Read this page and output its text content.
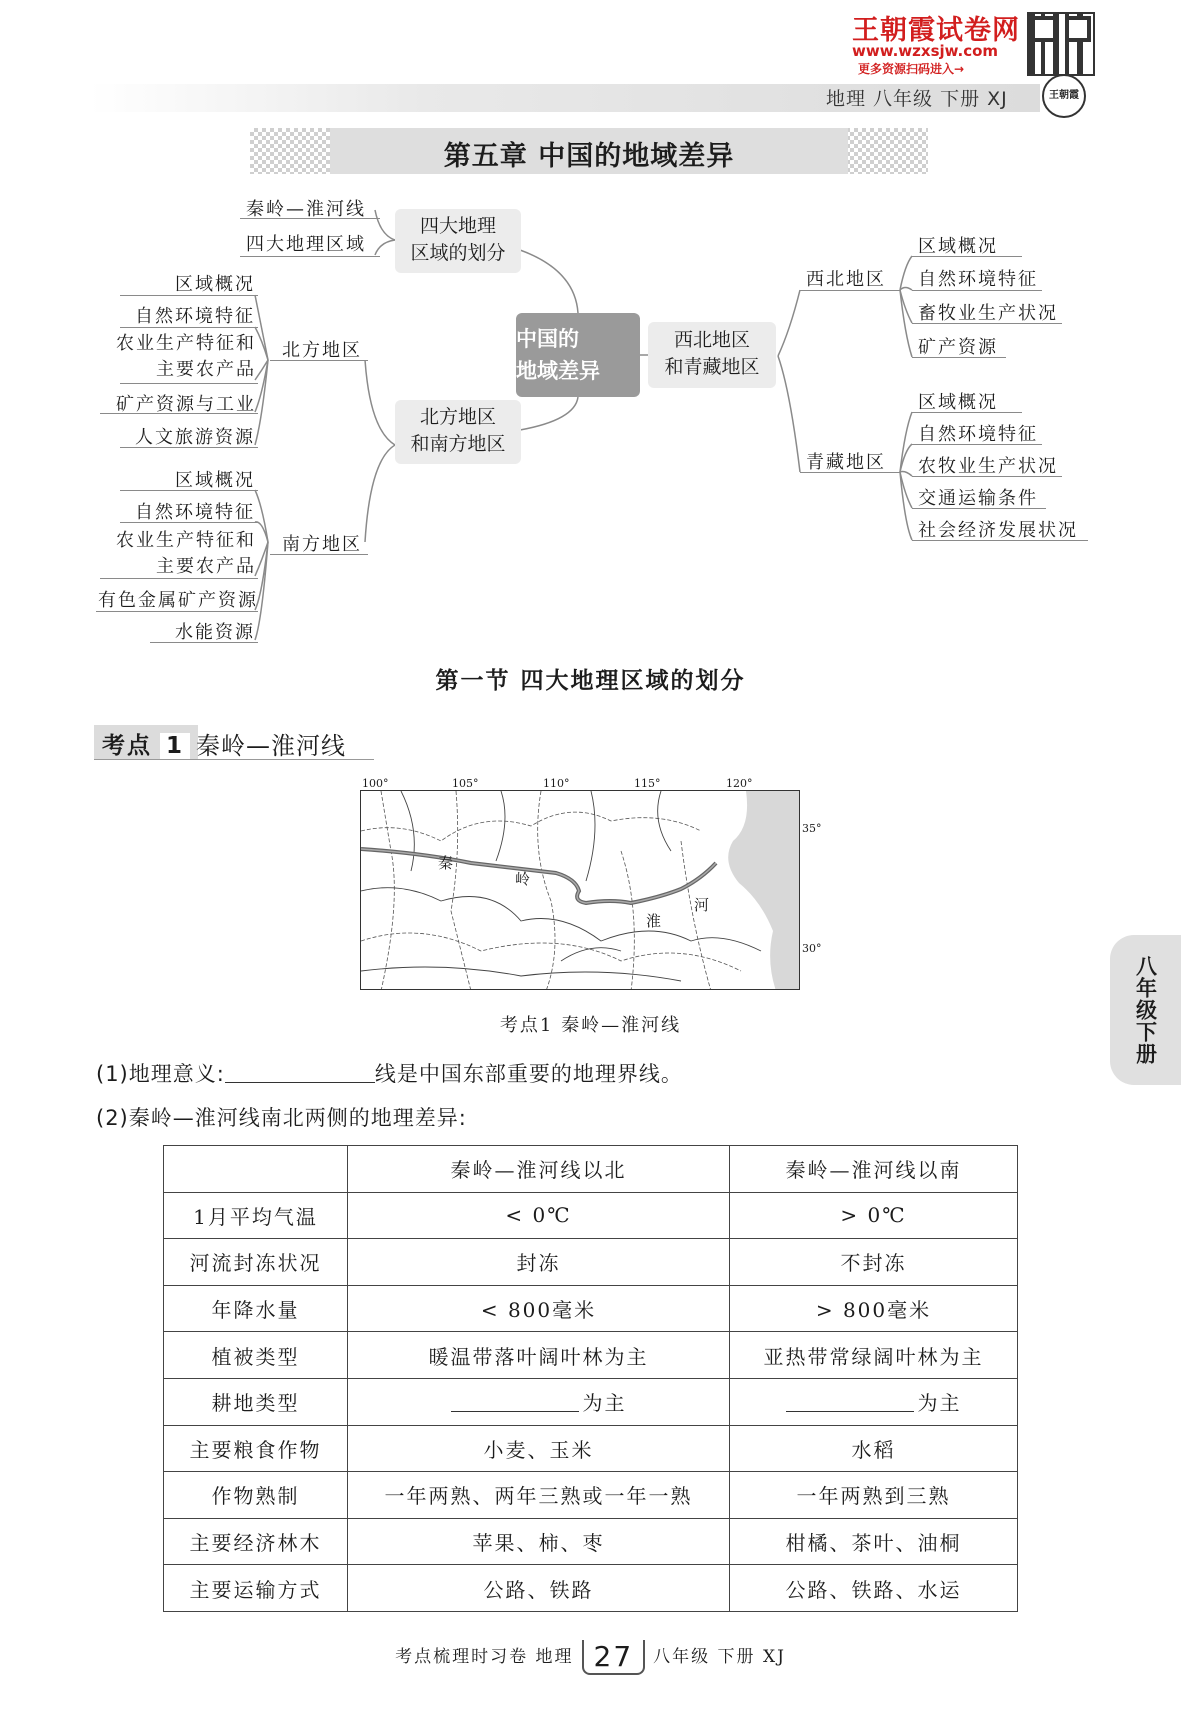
王朝霞试卷网
www.wzxsjw.com
更多资源扫码进入→
王朝霞
地理 八年级 下册 XJ
第五章 中国的地域差异
中国的
地域差异
四大地理
区域的划分
秦岭—淮河线
四大地理区域
北方地区
和南方地区
北方地区
区域概况
自然环境特征
农业生产特征和
主要农产品
矿产资源与工业
人文旅游资源
南方地区
区域概况
自然环境特征
农业生产特征和
主要农产品
有色金属矿产资源
水能资源
西北地区
和青藏地区
西北地区
区域概况
自然环境特征
畜牧业生产状况
矿产资源
青藏地区
区域概况
自然环境特征
农牧业生产状况
交通运输条件
社会经济发展状况
第一节 四大地理区域的划分
考点 1 秦岭—淮河线
100°	105°	110°	115°	120°
35°
30°
秦
岭
淮
河
考点1 秦岭—淮河线
(1)地理意义:	线是中国东部重要的地理界线。
(2)秦岭—淮河线南北两侧的地理差异:
	秦岭—淮河线以北	秦岭—淮河线以南
1月平均气温	< 0℃	> 0℃
河流封冻状况	封冻	不封冻
年降水量	< 800毫米	> 800毫米
植被类型	暖温带落叶阔叶林为主	亚热带常绿阔叶林为主
耕地类型	为主	为主
主要粮食作物	小麦、玉米	水稻
作物熟制	一年两熟、两年三熟或一年一熟	一年两熟到三熟
主要经济林木	苹果、柿、枣	柑橘、茶叶、油桐
主要运输方式	公路、铁路	公路、铁路、水运
八年级下册
考点梳理时习卷 地理 27 八年级 下册 XJ
